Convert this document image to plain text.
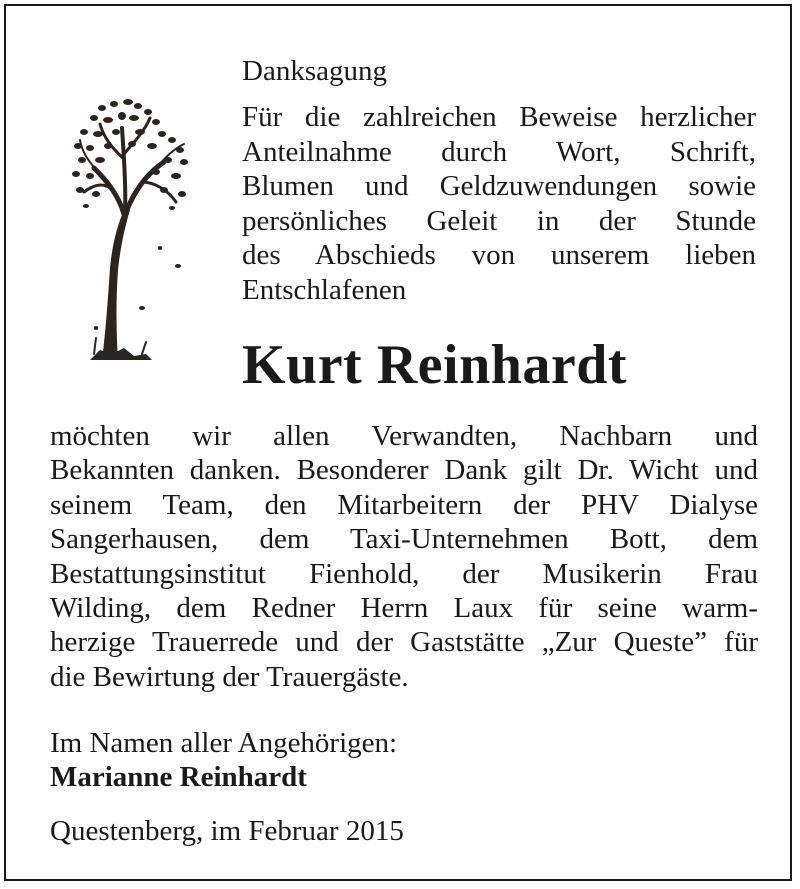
Danksagung

Für die zahlreichen Beweise herzlicher
Anteilnahme durch Wort, Schrift,
Blumen und Geldzuwendungen sowie
persönliches Geleit in der Stunde
des Abschieds von unserem lieben
Entschlafenen

Kurt Reinhardt

möchten wir allen Verwandten, Nachbarn und
Bekannten danken. Besonderer Dank gilt Dr. Wicht und
seinem Team, den Mitarbeitern der PHV Dialyse
Sangerhausen, dem Taxi-Unternehmen Bott, dem
Bestattungsinstitut Fienhold, der Musikerin Frau
Wilding, dem Redner Herrn Laux für seine warm-
herzige Trauerrede und der Gaststätte „Zur Queste” für
die Bewirtung der Trauergäste.

Im Namen aller Angehörigen:

Marianne Reinhardt

Questenberg, im Februar 2015
